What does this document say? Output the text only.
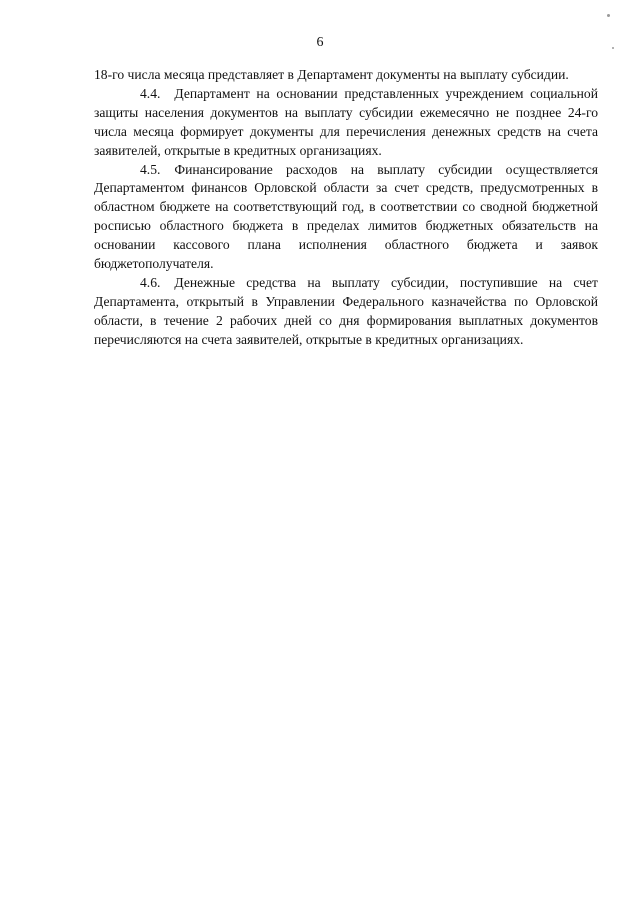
6

18-го числа месяца представляет в Департамент документы на выплату субсидии.

4.4. Департамент на основании представленных учреждением социальной защиты населения документов на выплату субсидии ежемесячно не позднее 24-го числа месяца формирует документы для перечисления денежных средств на счета заявителей, открытые в кредитных организациях.

4.5. Финансирование расходов на выплату субсидии осуществляется Департаментом финансов Орловской области за счет средств, предусмотренных в областном бюджете на соответствующий год, в соответствии со сводной бюджетной росписью областного бюджета в пределах лимитов бюджетных обязательств на основании кассового плана исполнения областного бюджета и заявок бюджетополучателя.

4.6. Денежные средства на выплату субсидии, поступившие на счет Департамента, открытый в Управлении Федерального казначейства по Орловской области, в течение 2 рабочих дней со дня формирования выплатных документов перечисляются на счета заявителей, открытые в кредитных организациях.
